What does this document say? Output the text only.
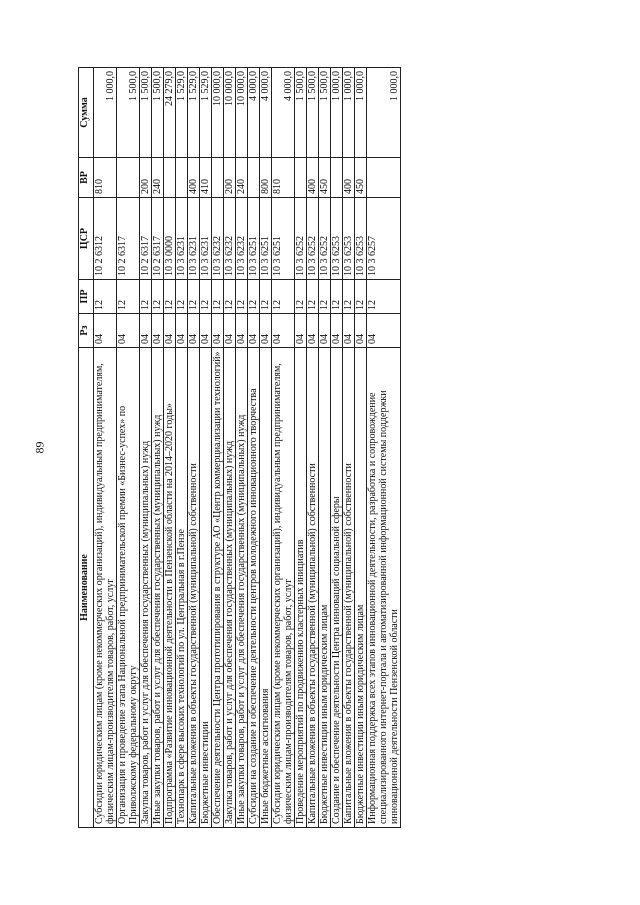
89
Наименование	Рз	ПР	ЦСР	ВР	Сумма
Субсидии юридическим лицам (кроме некоммерческих организаций), индивидуальным предпринимателям, физическим лицам-производителям товаров, работ, услуг	04	12	10 2 6312	810	1 000,0
Организация и проведение этапа Национальной предпринимательской премии «Бизнес-успех» по Приволжскому федеральному округу	04	12	10 2 6317		1 500,0
Закупка товаров, работ и услуг для обеспечения государственных (муниципальных) нужд	04	12	10 2 6317	200	1 500,0
Иные закупки товаров, работ и услуг для обеспечения государственных (муниципальных) нужд	04	12	10 2 6317	240	1 500,0
Подпрограмма «Развитие инновационной деятельности в Пензенской области на 2014–2020 годы»	04	12	10 3 0000		24 279,0
Технопарк в сфере высоких технологий по ул. Центральная в г.Пензе	04	12	10 3 6231		1 529,0
Капитальные вложения в объекты государственной (муниципальной) собственности	04	12	10 3 6231	400	1 529,0
Бюджетные инвестиции	04	12	10 3 6231	410	1 529,0
Обеспечение деятельности Центра прототипирования в структуре АО «Центр коммерциализации технологий»	04	12	10 3 6232		10 000,0
Закупка товаров, работ и услуг для обеспечения государственных (муниципальных) нужд	04	12	10 3 6232	200	10 000,0
Иные закупки товаров, работ и услуг для обеспечения государственных (муниципальных) нужд	04	12	10 3 6232	240	10 000,0
Субсидии на создание и обеспечение деятельности центров молодежного инновационного творчества	04	12	10 3 6251		4 000,0
Иные бюджетные ассигнования	04	12	10 3 6251	800	4 000,0
Субсидии юридическим лицам (кроме некоммерческих организаций), индивидуальным предпринимателям, физическим лицам-производителям товаров, работ, услуг	04	12	10 3 6251	810	4 000,0
Проведение мероприятий по продвижению кластерных инициатив	04	12	10 3 6252		1 500,0
Капитальные вложения в объекты государственной (муниципальной) собственности	04	12	10 3 6252	400	1 500,0
Бюджетные инвестиции иным юридическим лицам	04	12	10 3 6252	450	1 500,0
Создание и обеспечение деятельности Центра инноваций социальной сферы	04	12	10 3 6253		1 000,0
Капитальные вложения в объекты государственной (муниципальной) собственности	04	12	10 3 6253	400	1 000,0
Бюджетные инвестиции иным юридическим лицам	04	12	10 3 6253	450	1 000,0
Информационная поддержка всех этапов инновационной деятельности, разработка и сопровождение специализированного интернет-портала и автоматизированной информационной системы поддержки инновационной деятельности Пензенской области	04	12	10 3 6257		1 000,0
